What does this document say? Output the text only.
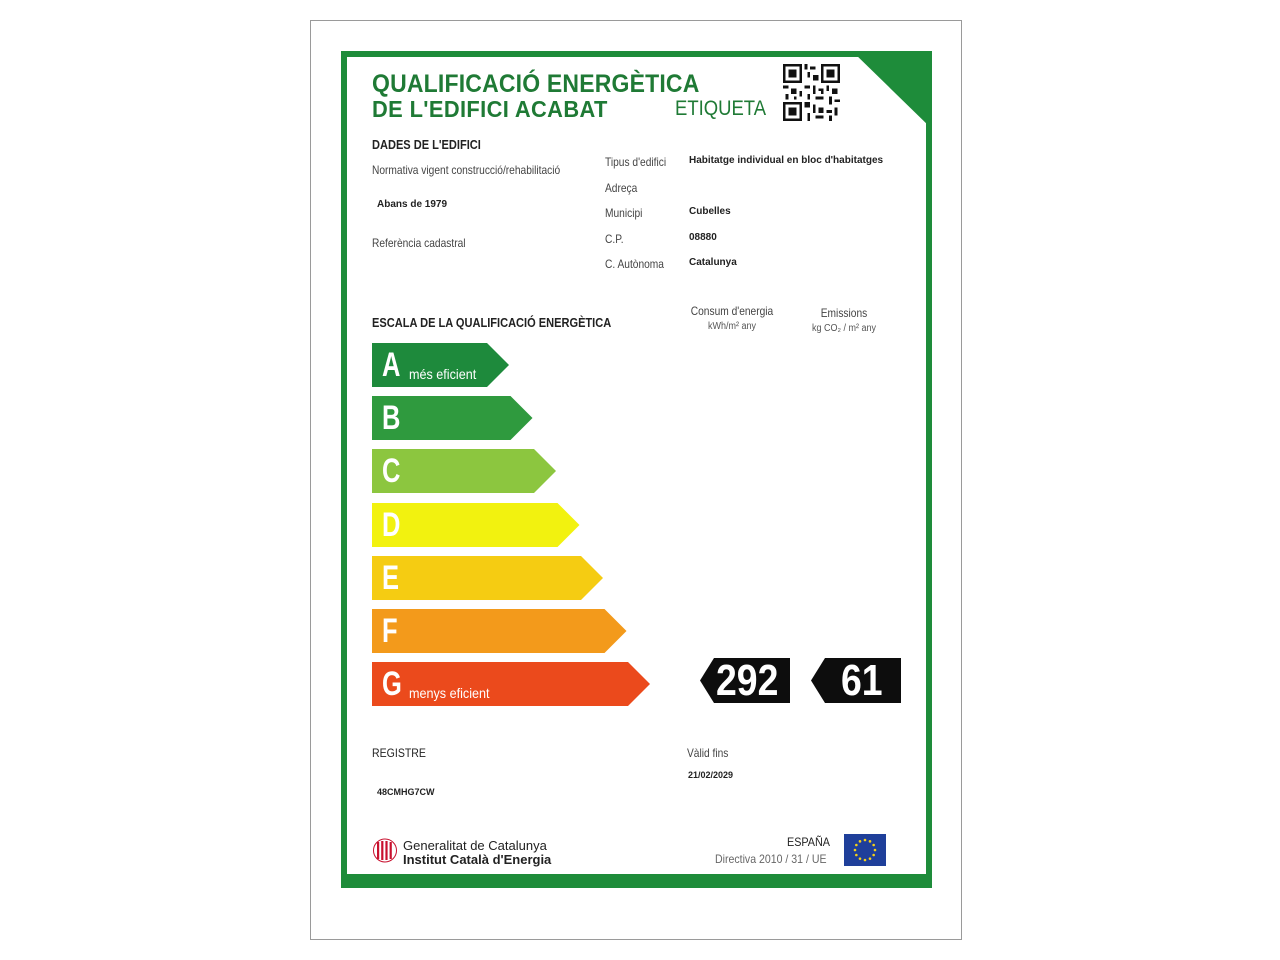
QUALIFICACIÓ ENERGÈTICA
DE L'EDIFICI ACABAT	ETIQUETA
DADES DE L'EDIFICI
Normativa vigent construcció/rehabilitació
Abans de 1979
Referència cadastral
Tipus d'edifici Habitatge individual en bloc d'habitatges
Adreça
Municipi	Cubelles
C.P.	08880
C. Autònoma	Catalunya
ESCALA DE LA QUALIFICACIÓ ENERGÈTICA
Consum d'energia
kWh/m² any
Emissions
kg CO₂ / m² any
A més eficient
B
C
D
E
F
G menys eficient	292 61
REGISTRE
48CMHG7CW
Vàlid fins
21/02/2029
Generalitat de Catalunya
Institut Català d'Energia
ESPAÑA
Directiva 2010 / 31 / UE
